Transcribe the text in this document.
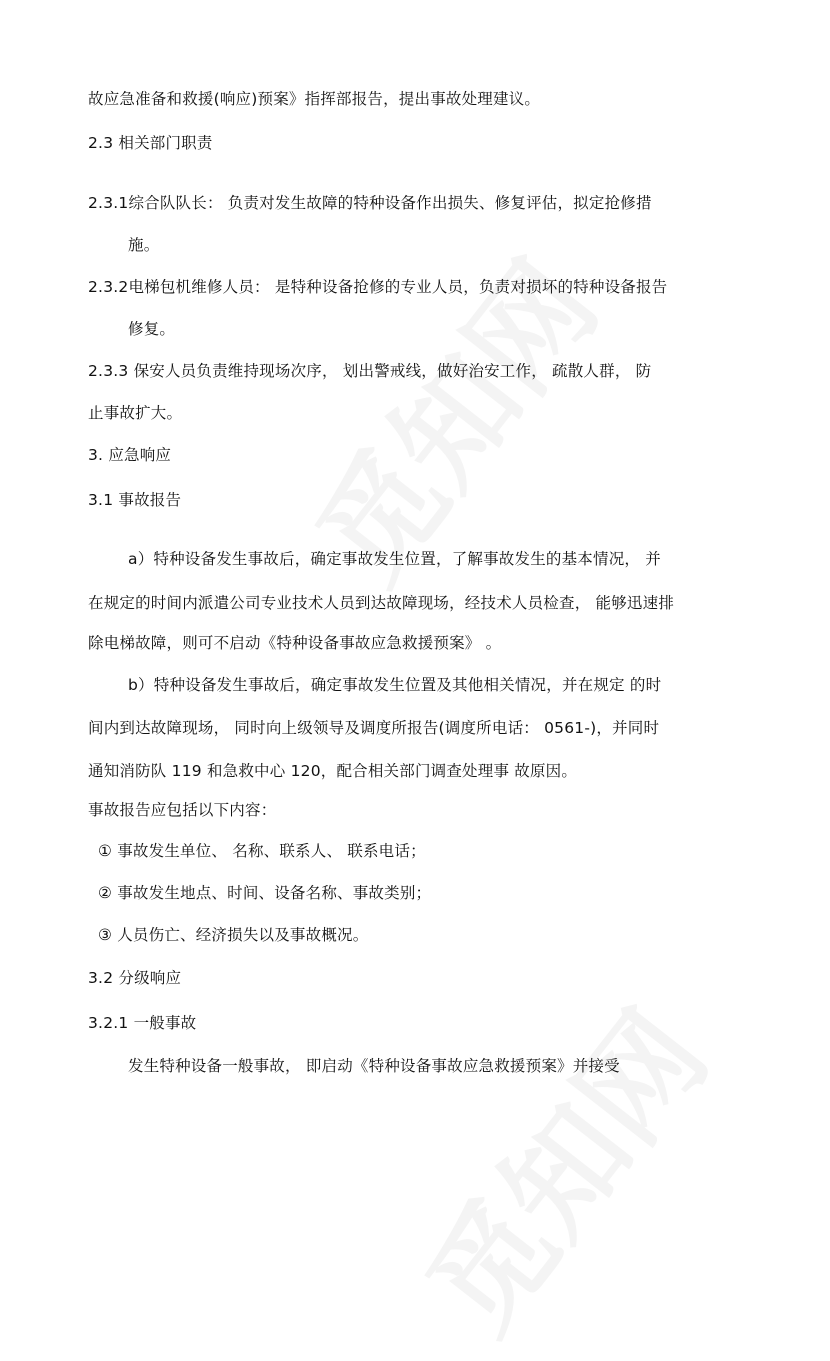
故应急准备和救援(响应)预案》指挥部报告，提出事故处理建议。
2.3 相关部门职责
2.3.1综合队队长： 负责对发生故障的特种设备作出损失、修复评估，拟定抢修措
施。
2.3.2电梯包机维修人员： 是特种设备抢修的专业人员，负责对损坏的特种设备报告
修复。
2.3.3 保安人员负责维持现场次序， 划出警戒线，做好治安工作， 疏散人群， 防
止事故扩大。
3. 应急响应
3.1 事故报告
a）特种设备发生事故后，确定事故发生位置，了解事故发生的基本情况， 并
在规定的时间内派遣公司专业技术人员到达故障现场，经技术人员检查， 能够迅速排
除电梯故障，则可不启动《特种设备事故应急救援预案》 。
b）特种设备发生事故后，确定事故发生位置及其他相关情况，并在规定 的时
间内到达故障现场， 同时向上级领导及调度所报告(调度所电话： 0561-)，并同时
通知消防队 119 和急救中心 120，配合相关部门调查处理事 故原因。
事故报告应包括以下内容：
① 事故发生单位、 名称、联系人、 联系电话；
② 事故发生地点、时间、设备名称、事故类别；
③ 人员伤亡、经济损失以及事故概况。
3.2 分级响应
3.2.1 一般事故
发生特种设备一般事故， 即启动《特种设备事故应急救援预案》并接受
